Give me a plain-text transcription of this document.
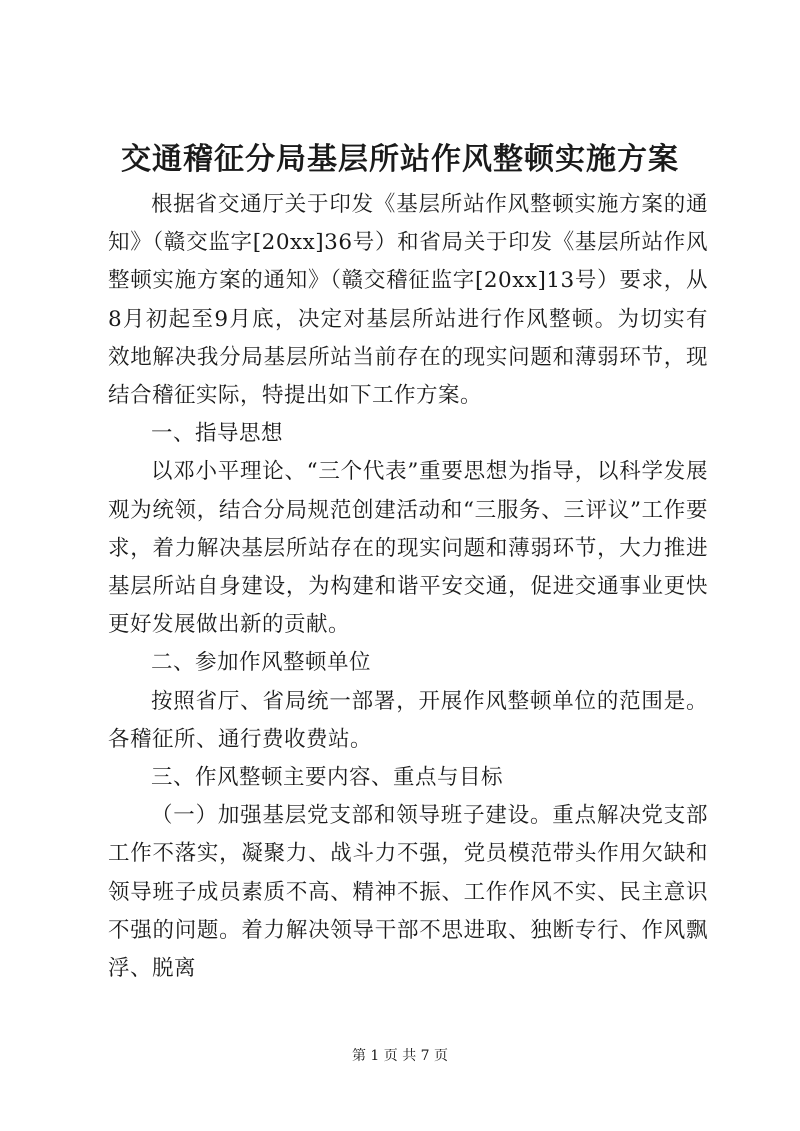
交通稽征分局基层所站作风整顿实施方案

根据省交通厅关于印发《基层所站作风整顿实施方案的通知》（赣交监字[20xx]36号）和省局关于印发《基层所站作风整顿实施方案的通知》（赣交稽征监字[20xx]13号）要求，从8月初起至9月底，决定对基层所站进行作风整顿。为切实有效地解决我分局基层所站当前存在的现实问题和薄弱环节，现结合稽征实际，特提出如下工作方案。

一、指导思想

以邓小平理论、“三个代表”重要思想为指导，以科学发展观为统领，结合分局规范创建活动和“三服务、三评议”工作要求，着力解决基层所站存在的现实问题和薄弱环节，大力推进基层所站自身建设，为构建和谐平安交通，促进交通事业更快更好发展做出新的贡献。

二、参加作风整顿单位

按照省厅、省局统一部署，开展作风整顿单位的范围是。各稽征所、通行费收费站。

三、作风整顿主要内容、重点与目标

（一）加强基层党支部和领导班子建设。重点解决党支部工作不落实，凝聚力、战斗力不强，党员模范带头作用欠缺和领导班子成员素质不高、精神不振、工作作风不实、民主意识不强的问题。着力解决领导干部不思进取、独断专行、作风飘浮、脱离

第 1 页 共 7 页
